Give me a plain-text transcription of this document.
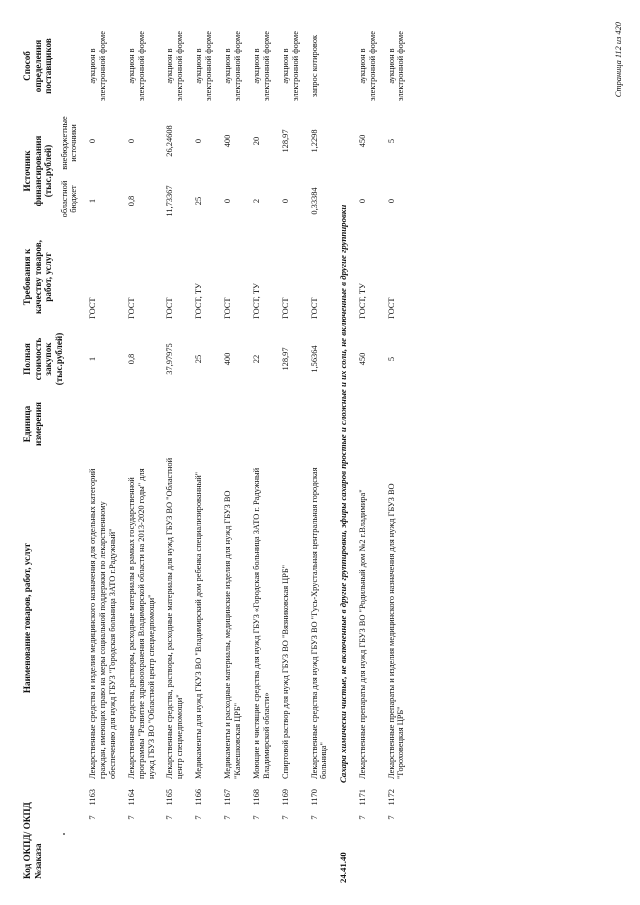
Код ОКПД/ ОКПД №заказа
Наименование товаров, работ, услуг
Единица измерения
Полная стоимость закупок (тыс.рублей)
Требования к качеству товаров, работ, услуг
Источник финансирования (тыс.рублей)
областной бюджет
внебюджетные источники
Способ определения поставщиков
7
1163
Лекарственные средства и изделия медицинского назначения для отдельных категорий граждан, имеющих право на меры социальной поддержки по лекарственному обеспечению для нужд ГБУЗ "Городская больница ЗАТО г.Радужный"
1
ГОСТ
1
0
аукцион в электронной форме
7
1164
Лекарственные средства, растворы, расходные материалы в рамках государственной программы "Развитие здравоохранения Владимирской области на 2013-2020 годы" для нужд ГБУЗ ВО "Областной центр спецмедпомощи"
0,8
ГОСТ
0,8
0
аукцион в электронной форме
7
1165
Лекарственные средства, растворы, расходные материалы для нужд ГБУЗ ВО "Областной центр спецмедпомощи"
37,97975
ГОСТ
11,73367
26,24608
аукцион в электронной форме
7
1166
Медикаменты для нужд ГКУЗ ВО "Владимирский дом ребенка специализированный"
25
ГОСТ, ТУ
25
0
аукцион в электронной форме
7
1167
Медикаменты и расходные материалы, медицинские изделия для нужд ГБУЗ ВО "Камешковская ЦРБ"
400
ГОСТ
0
400
аукцион в электронной форме
7
1168
Моющие и чистящие средства для нужд ГБУЗ «Городская больница ЗАТО г. Радужный Владимирской области»
22
ГОСТ, ТУ
2
20
аукцион в электронной форме
7
1169
Спиртовой раствор для нужд ГБУЗ ВО "Вязниковская ЦРБ"
128,97
ГОСТ
0
128,97
аукцион в электронной форме
7
1170
Лекарственные средства для нужд ГБУЗ ВО "Гусь-Хрустальная центральная городская больница"
1,56364
ГОСТ
0,33384
1,2298
запрос котировок
24.41.40
Сахара химически чистые, не включенные в другие группировки, эфиры сахаров простые и сложные и их соли, не включенные в другие группировки
7
1171
Лекарственные препараты для нужд ГБУЗ ВО "Родильный дом №2 г.Владимира"
450
ГОСТ, ТУ
0
450
аукцион в электронной форме
7
1172
Лекарственные препараты и изделия медицинского назначения для нужд ГБУЗ ВО "Гороховецкая ЦРБ"
5
ГОСТ
0
5
аукцион в электронной форме	Страница 112 из 420
